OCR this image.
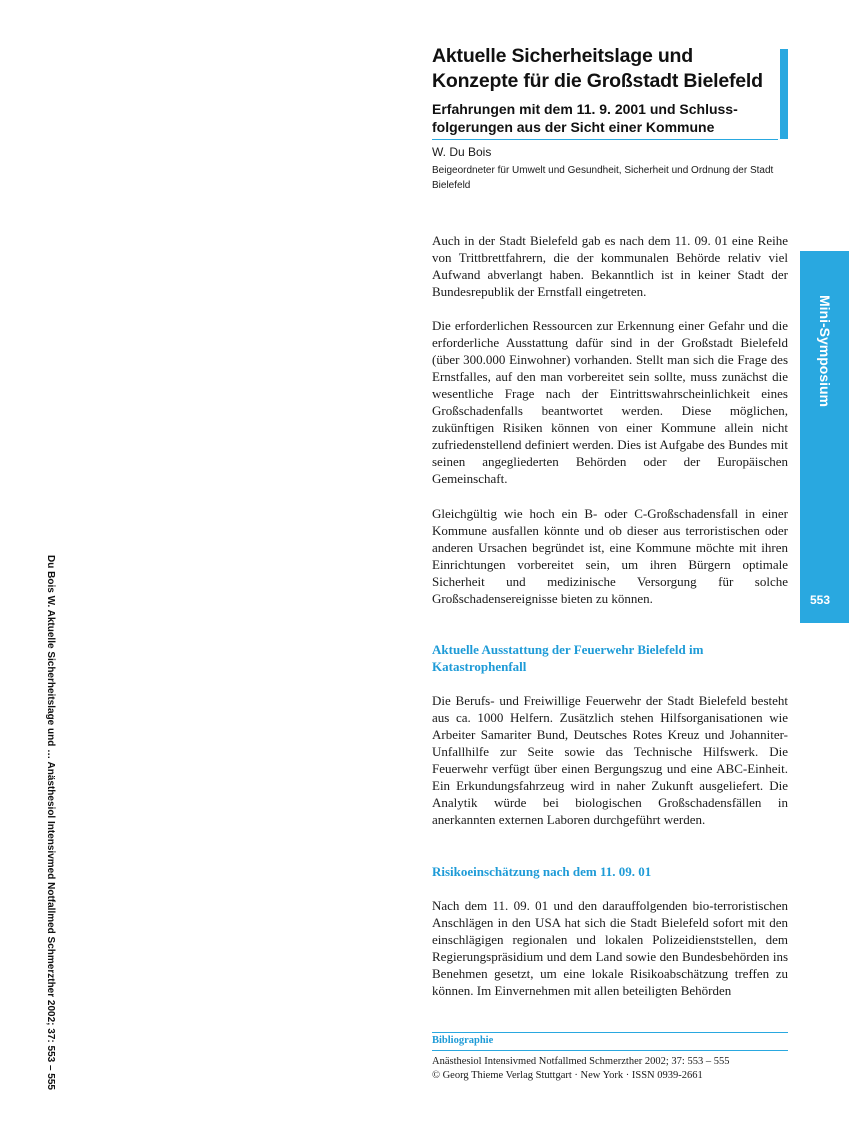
Aktuelle Sicherheitslage und Konzepte für die Großstadt Bielefeld
Erfahrungen mit dem 11. 9. 2001 und Schlussfolgerungen aus der Sicht einer Kommune
W. Du Bois
Beigeordneter für Umwelt und Gesundheit, Sicherheit und Ordnung der Stadt Bielefeld

Auch in der Stadt Bielefeld gab es nach dem 11. 09. 01 eine Reihe von Trittbrettfahrern, die der kommunalen Behörde relativ viel Aufwand abverlangt haben. Bekanntlich ist in keiner Stadt der Bundesrepublik der Ernstfall eingetreten.

Die erforderlichen Ressourcen zur Erkennung einer Gefahr und die erforderliche Ausstattung dafür sind in der Großstadt Bielefeld (über 300.000 Einwohner) vorhanden. Stellt man sich die Frage des Ernstfalles, auf den man vorbereitet sein sollte, muss zunächst die wesentliche Frage nach der Eintrittswahrscheinlichkeit eines Großschadenfalls beantwortet werden. Diese möglichen, zukünftigen Risiken können von einer Kommune allein nicht zufriedenstellend definiert werden. Dies ist Aufgabe des Bundes mit seinen angegliederten Behörden oder der Europäischen Gemeinschaft.

Gleichgültig wie hoch ein B- oder C-Großschadensfall in einer Kommune ausfallen könnte und ob dieser aus terroristischen oder anderen Ursachen begründet ist, eine Kommune möchte mit ihren Einrichtungen vorbereitet sein, um ihren Bürgern optimale Sicherheit und medizinische Versorgung für solche Großschadensereignisse bieten zu können.

Aktuelle Ausstattung der Feuerwehr Bielefeld im Katastrophenfall

Die Berufs- und Freiwillige Feuerwehr der Stadt Bielefeld besteht aus ca. 1000 Helfern. Zusätzlich stehen Hilfsorganisationen wie Arbeiter Samariter Bund, Deutsches Rotes Kreuz und Johanniter-Unfallhilfe zur Seite sowie das Technische Hilfswerk. Die Feuerwehr verfügt über einen Bergungszug und eine ABC-Einheit. Ein Erkundungsfahrzeug wird in naher Zukunft ausgeliefert. Die Analytik würde bei biologischen Großschadensfällen in anerkannten externen Laboren durchgeführt werden.

Risikoeinschätzung nach dem 11. 09. 01

Nach dem 11. 09. 01 und den darauffolgenden bio-terroristischen Anschlägen in den USA hat sich die Stadt Bielefeld sofort mit den einschlägigen regionalen und lokalen Polizeidienststellen, dem Regierungspräsidium und dem Land sowie den Bundesbehörden ins Benehmen gesetzt, um eine lokale Risikoabschätzung treffen zu können. Im Einvernehmen mit allen beteiligten Behörden

Mini-Symposium
553
Du Bois W. Aktuelle Sicherheitslage und … Anästhesiol Intensivmed Notfallmed Schmerzther 2002; 37: 553 – 555	Bibliographie
Anästhesiol Intensivmed Notfallmed Schmerzther 2002; 37: 553 – 555
© Georg Thieme Verlag Stuttgart · New York · ISSN 0939-2661
